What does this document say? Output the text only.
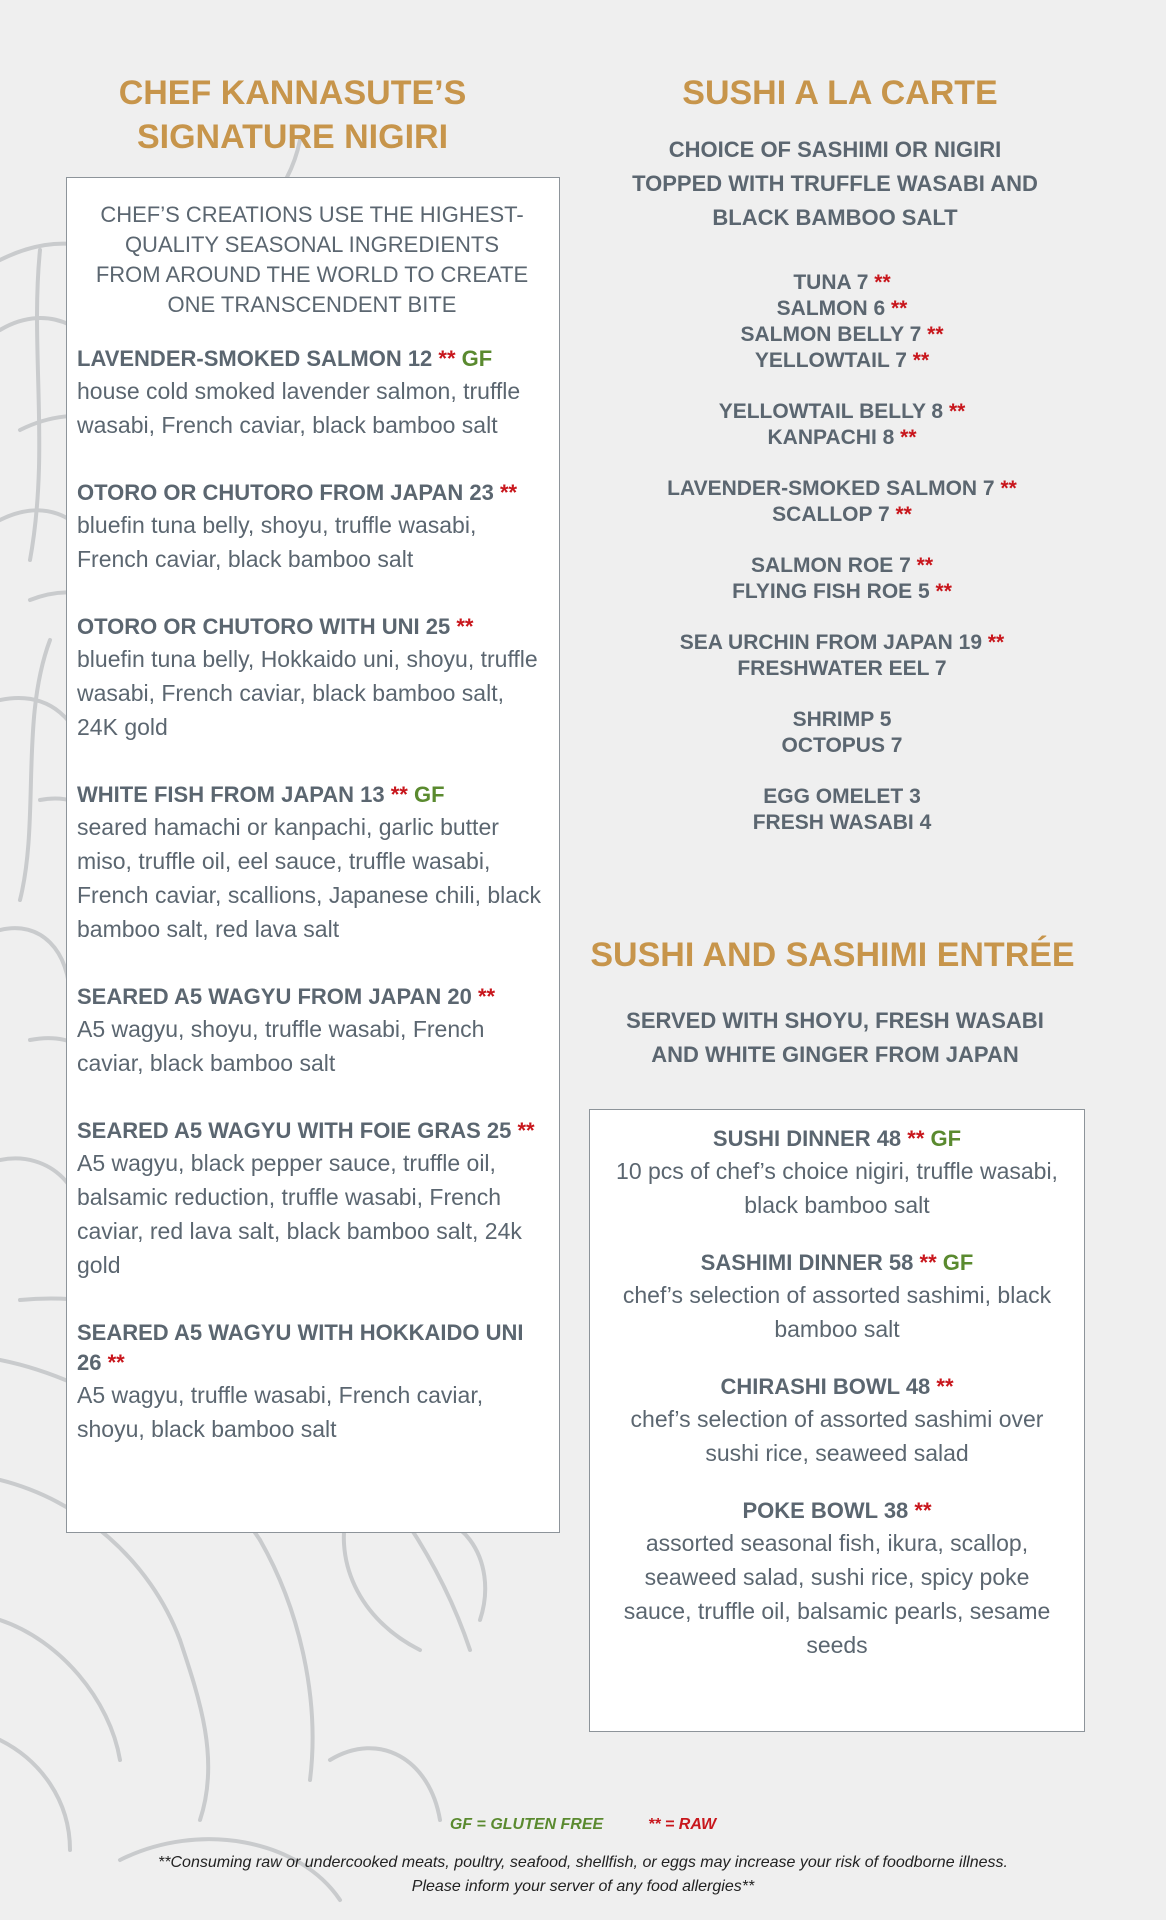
CHEF KANNASUTE’S
SIGNATURE NIGIRI

CHEF’S CREATIONS USE THE HIGHEST-QUALITY SEASONAL INGREDIENTS FROM AROUND THE WORLD TO CREATE ONE TRANSCENDENT BITE

LAVENDER-SMOKED SALMON 12 ** GF
house cold smoked lavender salmon, truffle wasabi, French caviar, black bamboo salt
OTORO OR CHUTORO FROM JAPAN 23 **
bluefin tuna belly, shoyu, truffle wasabi, French caviar, black bamboo salt
OTORO OR CHUTORO WITH UNI 25 **
bluefin tuna belly, Hokkaido uni, shoyu, truffle wasabi, French caviar, black bamboo salt, 24K gold
WHITE FISH FROM JAPAN 13 ** GF
seared hamachi or kanpachi, garlic butter miso, truffle oil, eel sauce, truffle wasabi, French caviar, scallions, Japanese chili, black bamboo salt, red lava salt
SEARED A5 WAGYU FROM JAPAN 20 **
A5 wagyu, shoyu, truffle wasabi, French caviar, black bamboo salt
SEARED A5 WAGYU WITH FOIE GRAS 25 **
A5 wagyu, black pepper sauce, truffle oil, balsamic reduction, truffle wasabi, French caviar, red lava salt, black bamboo salt, 24k gold
SEARED A5 WAGYU WITH HOKKAIDO UNI 26 **
A5 wagyu, truffle wasabi, French caviar, shoyu, black bamboo salt
SUSHI A LA CARTE

CHOICE OF SASHIMI OR NIGIRI TOPPED WITH TRUFFLE WASABI AND BLACK BAMBOO SALT

TUNA 7 **
SALMON 6 **
SALMON BELLY 7 **
YELLOWTAIL 7 **
YELLOWTAIL BELLY 8 **
KANPACHI 8 **
LAVENDER-SMOKED SALMON 7 **
SCALLOP 7 **
SALMON ROE 7 **
FLYING FISH ROE 5 **
SEA URCHIN FROM JAPAN 19 **
FRESHWATER EEL 7
SHRIMP 5
OCTOPUS 7
EGG OMELET 3
FRESH WASABI 4
SUSHI AND SASHIMI ENTRÉE

SERVED WITH SHOYU, FRESH WASABI AND WHITE GINGER FROM JAPAN

SUSHI DINNER 48 ** GF
10 pcs of chef’s choice nigiri, truffle wasabi, black bamboo salt
SASHIMI DINNER 58 ** GF
chef’s selection of assorted sashimi, black bamboo salt
CHIRASHI BOWL 48 **
chef’s selection of assorted sashimi over sushi rice, seaweed salad
POKE BOWL 38 **
assorted seasonal fish, ikura, scallop, seaweed salad, sushi rice, spicy poke sauce, truffle oil, balsamic pearls, sesame seeds
GF = GLUTEN FREE	** = RAW
**Consuming raw or undercooked meats, poultry, seafood, shellfish, or eggs may increase your risk of foodborne illness.
Please inform your server of any food allergies**
